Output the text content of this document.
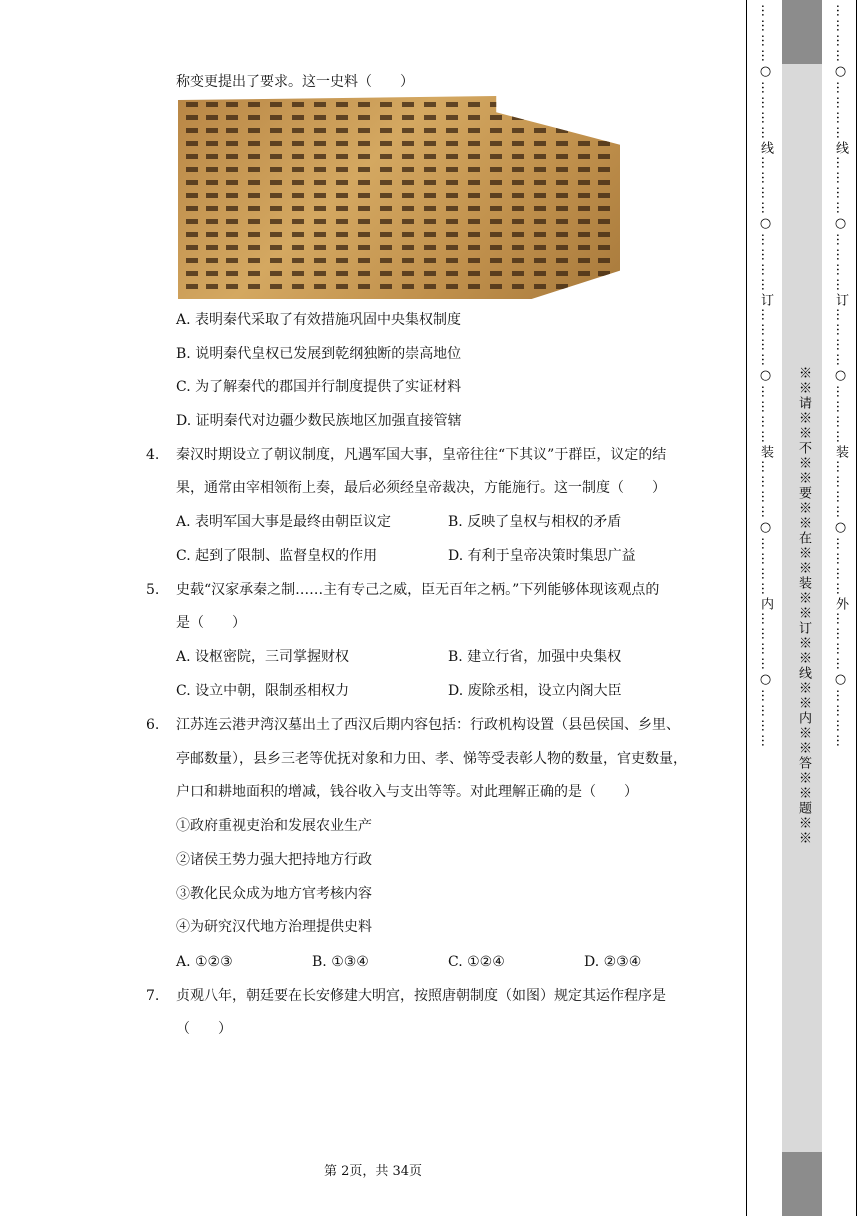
称变更提出了要求。这一史料（　　）
A. 表明秦代采取了有效措施巩固中央集权制度
B. 说明秦代皇权已发展到乾纲独断的崇高地位
C. 为了解秦代的郡国并行制度提供了实证材料
D. 证明秦代对边疆少数民族地区加强直接管辖
4. 秦汉时期设立了朝议制度，凡遇军国大事，皇帝往往“下其议”于群臣，议定的结
果，通常由宰相领衔上奏，最后必须经皇帝裁决，方能施行。这一制度（　　）
A. 表明军国大事是最终由朝臣议定	B. 反映了皇权与相权的矛盾
C. 起到了限制、监督皇权的作用	D. 有利于皇帝决策时集思广益
5. 史载“汉家承秦之制……主有专己之威，臣无百年之柄。”下列能够体现该观点的
是（　　）
A. 设枢密院，三司掌握财权	B. 建立行省，加强中央集权
C. 设立中朝，限制丞相权力	D. 废除丞相，设立内阁大臣
6. 江苏连云港尹湾汉墓出土了西汉后期内容包括：行政机构设置（县邑侯国、乡里、
亭邮数量），县乡三老等优抚对象和力田、孝、悌等受表彰人物的数量，官吏数量，
户口和耕地面积的增减，钱谷收入与支出等等。对此理解正确的是（　　）
①政府重视吏治和发展农业生产
②诸侯王势力强大把持地方行政
③教化民众成为地方官考核内容
④为研究汉代地方治理提供史料
A. ①②③	B. ①③④	C. ①②④	D. ②③④
7. 贞观八年，朝廷要在长安修建大明宫，按照唐朝制度（如图）规定其运作程序是
（　　）
第 2页，共 34页
…………○…………线…………○…………订…………○…………装…………○…………内…………○………… ※※请※※不※※要※※在※※装※※订※※线※※内※※答※※题※※ …………○…………线…………○…………订…………○…………装…………○…………外…………○…………
